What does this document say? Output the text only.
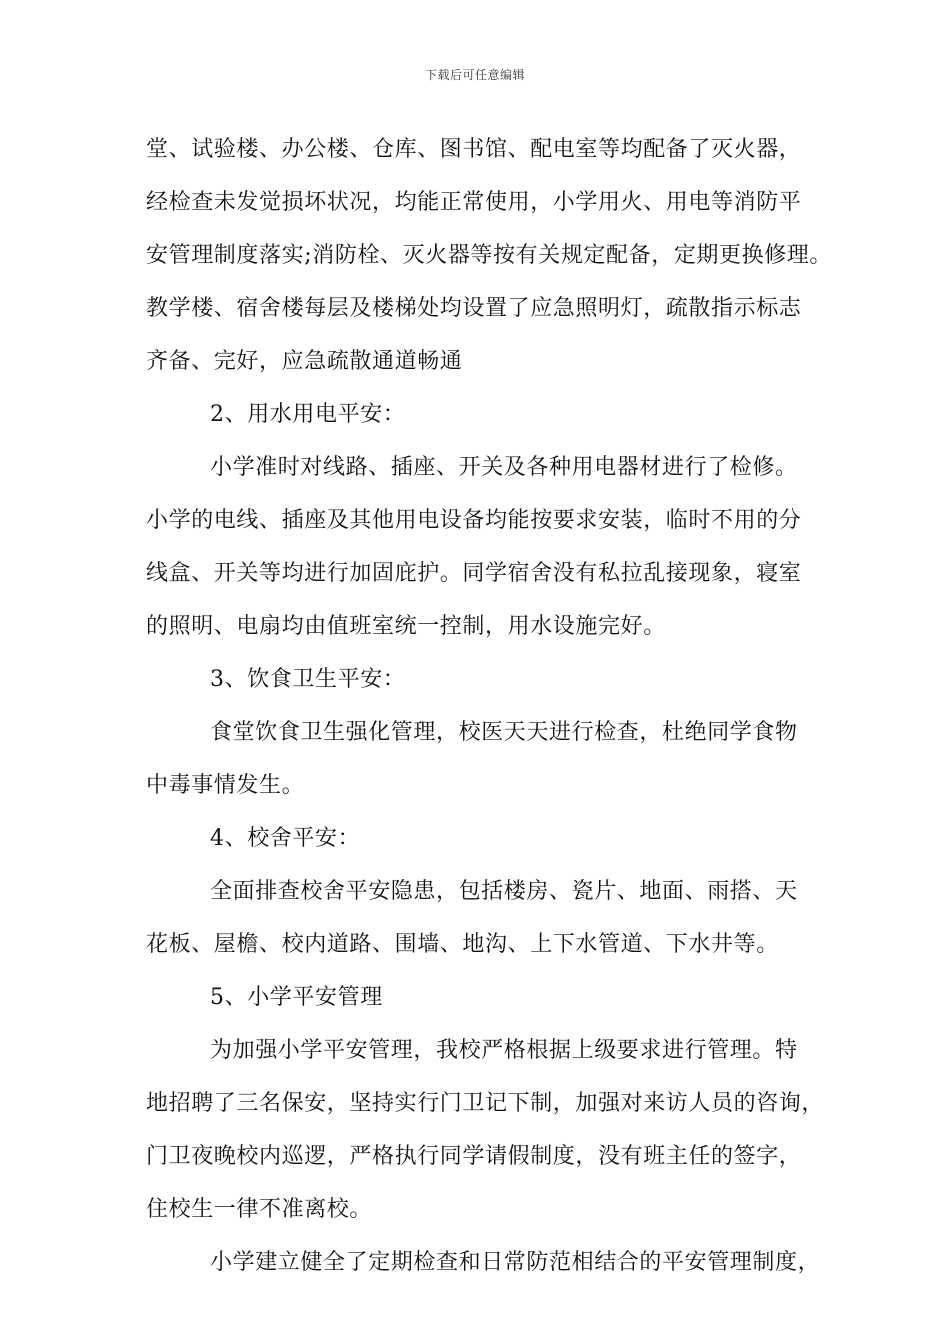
下载后可任意编辑
堂、试验楼、办公楼、仓库、图书馆、配电室等均配备了灭火器，
经检查未发觉损坏状况，均能正常使用，小学用火、用电等消防平
安管理制度落实;消防栓、灭火器等按有关规定配备，定期更换修理。
教学楼、宿舍楼每层及楼梯处均设置了应急照明灯，疏散指示标志
齐备、完好，应急疏散通道畅通
2、用水用电平安：
小学准时对线路、插座、开关及各种用电器材进行了检修。
小学的电线、插座及其他用电设备均能按要求安装，临时不用的分
线盒、开关等均进行加固庇护。同学宿舍没有私拉乱接现象，寝室
的照明、电扇均由值班室统一控制，用水设施完好。
3、饮食卫生平安：
食堂饮食卫生强化管理，校医天天进行检查，杜绝同学食物
中毒事情发生。
4、校舍平安：
全面排查校舍平安隐患，包括楼房、瓷片、地面、雨搭、天
花板、屋檐、校内道路、围墙、地沟、上下水管道、下水井等。
5、小学平安管理
为加强小学平安管理，我校严格根据上级要求进行管理。特
地招聘了三名保安，坚持实行门卫记下制，加强对来访人员的咨询，
门卫夜晚校内巡逻，严格执行同学请假制度，没有班主任的签字，
住校生一律不准离校。
小学建立健全了定期检查和日常防范相结合的平安管理制度，
